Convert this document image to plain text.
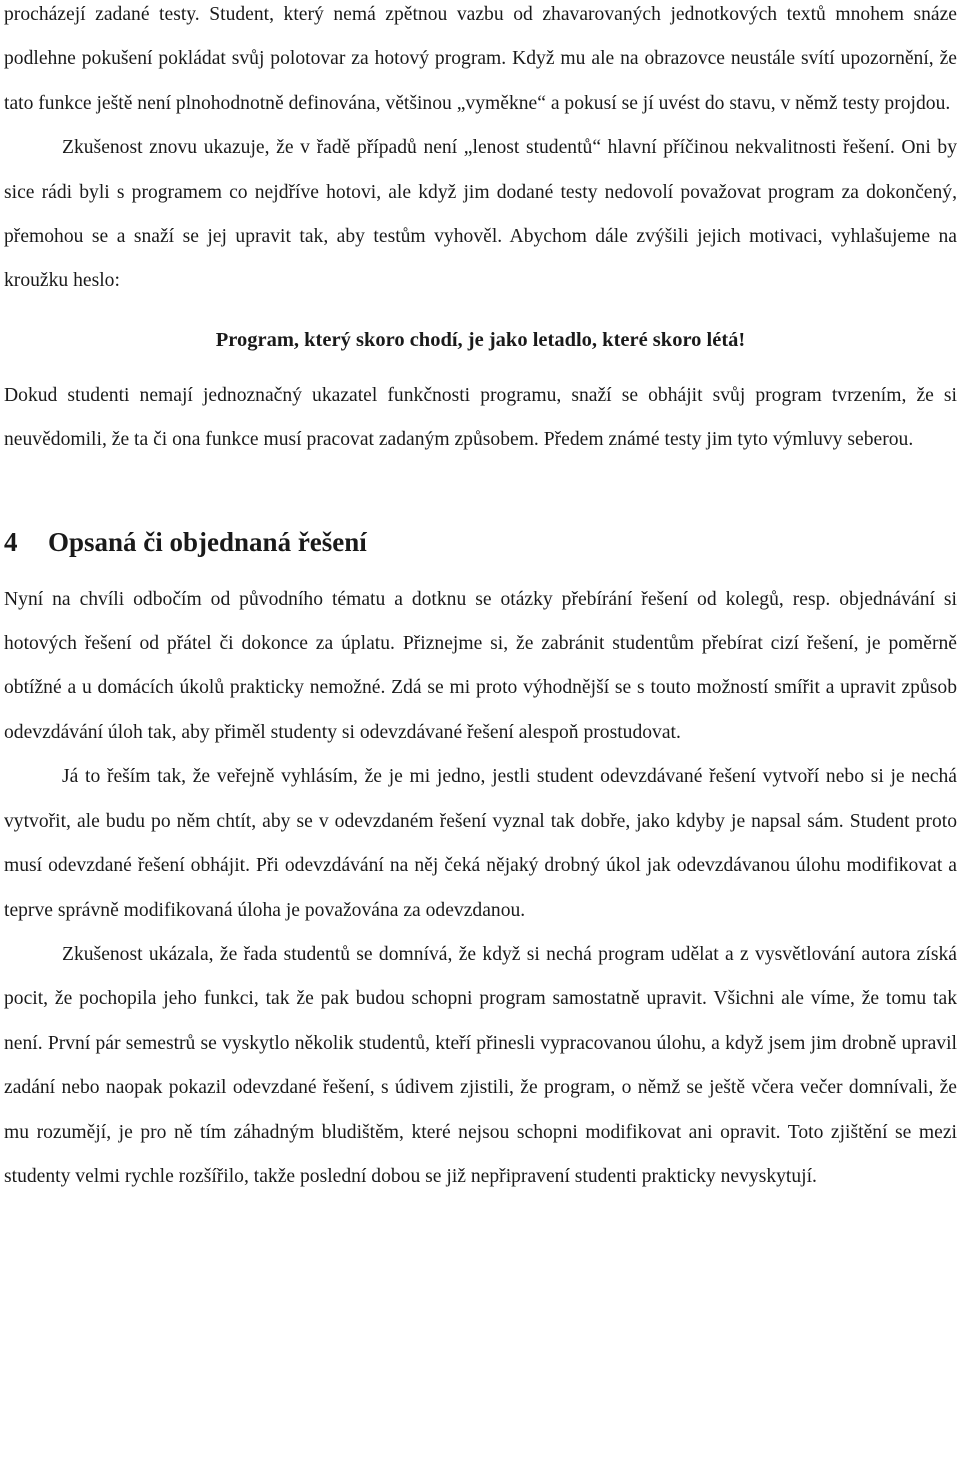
procházejí zadané testy. Student, který nemá zpětnou vazbu od zhavarovaných jednotkových textů mnohem snáze podlehne pokušení pokládat svůj polotovar za hotový program. Když mu ale na obrazovce neustále svítí upozornění, že tato funkce ještě není plnohodnotně definována, většinou „vyměkne“ a pokusí se jí uvést do stavu, v němž testy projdou.

Zkušenost znovu ukazuje, že v řadě případů není „lenost studentů“ hlavní příčinou nekvalitnosti řešení. Oni by sice rádi byli s programem co nejdříve hotovi, ale když jim dodané testy nedovolí považovat program za dokončený, přemohou se a snaží se jej upravit tak, aby testům vyhověl. Abychom dále zvýšili jejich motivaci, vyhlašujeme na kroužku heslo:

Program, který skoro chodí, je jako letadlo, které skoro létá!

Dokud studenti nemají jednoznačný ukazatel funkčnosti programu, snaží se obhájit svůj program tvrzením, že si neuvědomili, že ta či ona funkce musí pracovat zadaným způsobem. Předem známé testy jim tyto výmluvy seberou.

4 Opsaná či objednaná řešení

Nyní na chvíli odbočím od původního tématu a dotknu se otázky přebírání řešení od kolegů, resp. objednávání si hotových řešení od přátel či dokonce za úplatu. Přiznejme si, že zabránit studentům přebírat cizí řešení, je poměrně obtížné a u domácích úkolů prakticky nemožné. Zdá se mi proto výhodnější se s touto možností smířit a upravit způsob odevzdávání úloh tak, aby přiměl studenty si odevzdávané řešení alespoň prostudovat.

Já to řeším tak, že veřejně vyhlásím, že je mi jedno, jestli student odevzdávané řešení vytvoří nebo si je nechá vytvořit, ale budu po něm chtít, aby se v odevzdaném řešení vyznal tak dobře, jako kdyby je napsal sám. Student proto musí odevzdané řešení obhájit. Při odevzdávání na něj čeká nějaký drobný úkol jak odevzdávanou úlohu modifikovat a teprve správně modifikovaná úloha je považována za odevzdanou.

Zkušenost ukázala, že řada studentů se domnívá, že když si nechá program udělat a z vysvětlování autora získá pocit, že pochopila jeho funkci, tak že pak budou schopni program samostatně upravit. Všichni ale víme, že tomu tak není. První pár semestrů se vyskytlo několik studentů, kteří přinesli vypracovanou úlohu, a když jsem jim drobně upravil zadání nebo naopak pokazil odevzdané řešení, s údivem zjistili, že program, o němž se ještě včera večer domnívali, že mu rozumějí, je pro ně tím záhadným bludištěm, které nejsou schopni modifikovat ani opravit. Toto zjištění se mezi studenty velmi rychle rozšířilo, takže poslední dobou se již nepřipravení studenti prakticky nevyskytují.
